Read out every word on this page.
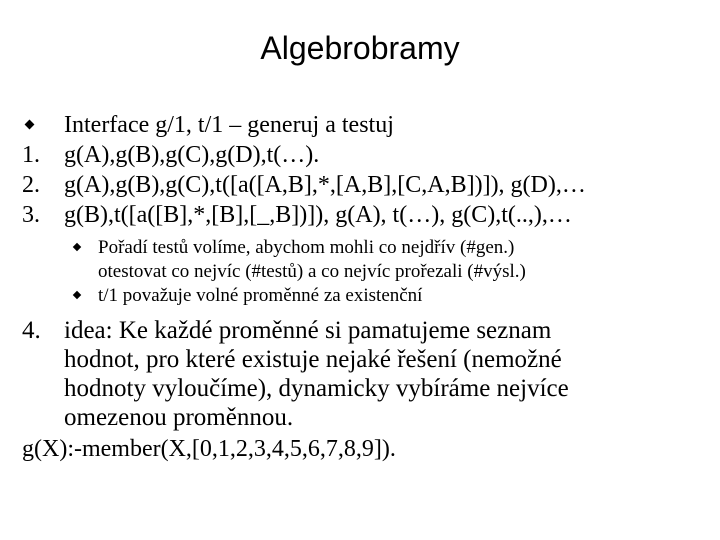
Algebrobramy
Interface g/1, t/1 – generuj a testuj
1.	g(A),g(B),g(C),g(D),t(…).
2.	g(A),g(B),g(C),t([a([A,B],*,[A,B],[C,A,B])]), g(D),…
3.	g(B),t([a([B],*,[B],[_,B])]), g(A), t(…), g(C),t(..,),…
Pořadí testů volíme, abychom mohli co nejdřív (#gen.)
otestovat co nejvíc (#testů) a co nejvíc prořezali (#výsl.)
t/1 považuje volné proměnné za existenční
4. idea: Ke každé proměnné si pamatujeme seznam
hodnot, pro které existuje nejaké řešení (nemožné
hodnoty vyloučíme), dynamicky vybíráme nejvíce
omezenou proměnnou.
g(X):-member(X,[0,1,2,3,4,5,6,7,8,9]).
